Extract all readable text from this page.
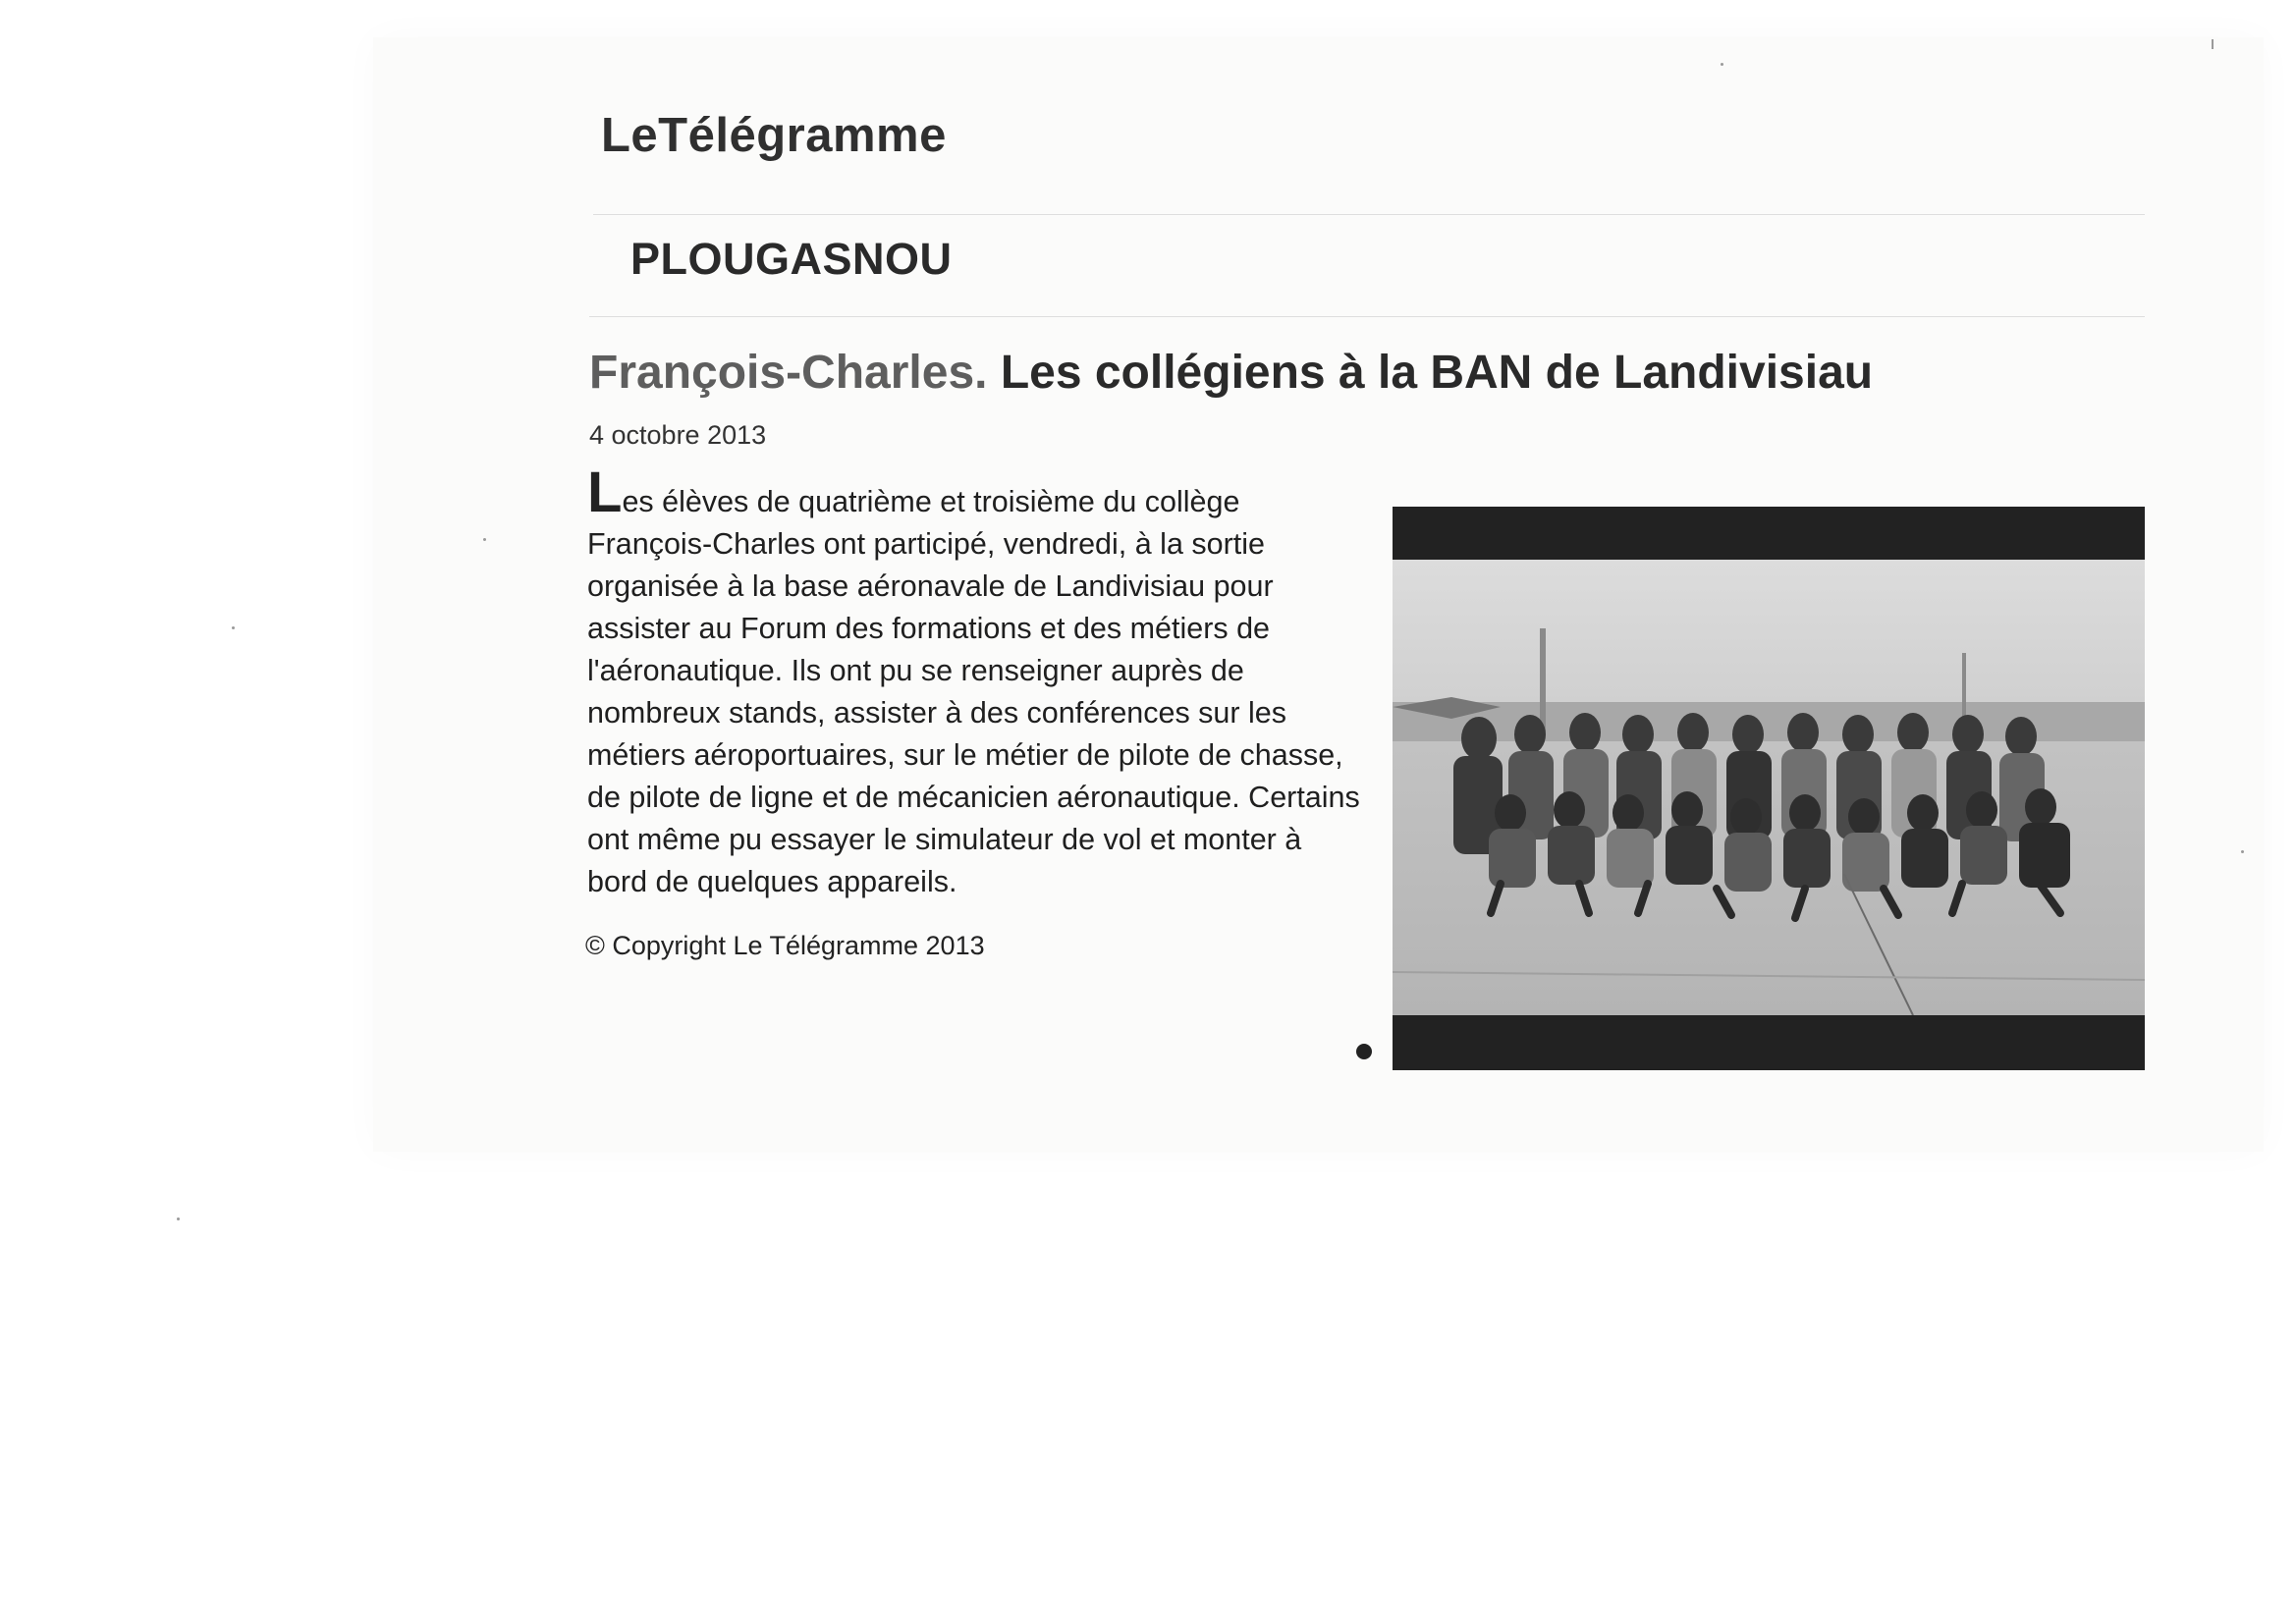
LeTélégramme
PLOUGASNOU
François-Charles. Les collégiens à la BAN de Landivisiau
4 octobre 2013
Les élèves de quatrième et troisième du collège François-Charles ont participé, vendredi, à la sortie organisée à la base aéronavale de Landivisiau pour assister au Forum des formations et des métiers de l'aéronautique. Ils ont pu se renseigner auprès de nombreux stands, assister à des conférences sur les métiers aéroportuaires, sur le métier de pilote de chasse, de pilote de ligne et de mécanicien aéronautique. Certains ont même pu essayer le simulateur de vol et monter à bord de quelques appareils.
© Copyright Le Télégramme 2013
